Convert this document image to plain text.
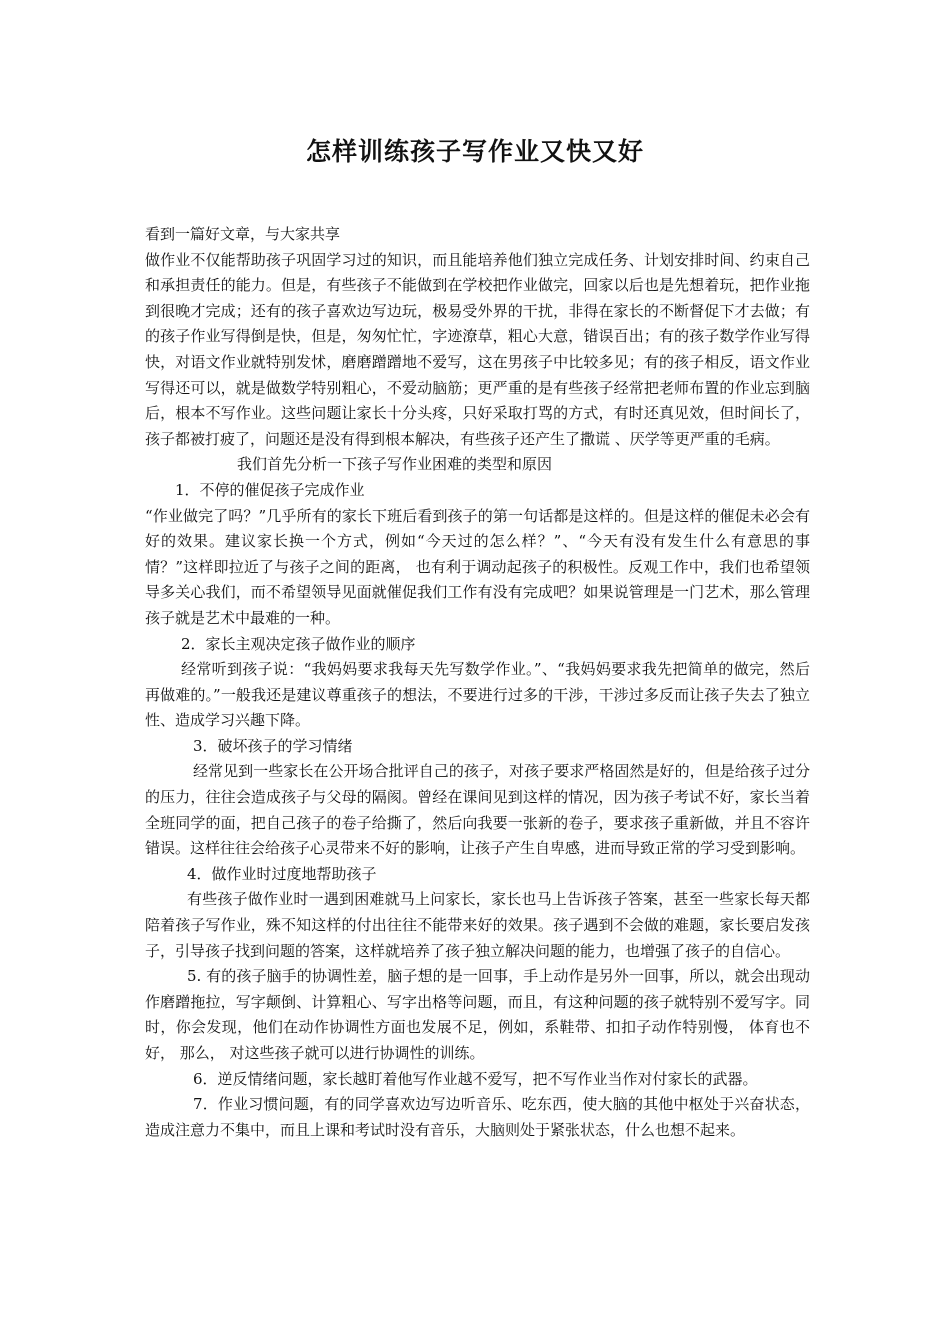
怎样训练孩子写作业又快又好

看到一篇好文章，与大家共享

做作业不仅能帮助孩子巩固学习过的知识，而且能培养他们独立完成任务、计划安排时间、约束自己和承担责任的能力。但是，有些孩子不能做到在学校把作业做完，回家以后也是先想着玩，把作业拖到很晚才完成；还有的孩子喜欢边写边玩，极易受外界的干扰，非得在家长的不断督促下才去做；有的孩子作业写得倒是快，但是，匆匆忙忙，字迹潦草，粗心大意，错误百出；有的孩子数学作业写得快，对语文作业就特别发怵，磨磨蹭蹭地不爱写，这在男孩子中比较多见；有的孩子相反，语文作业写得还可以，就是做数学特别粗心，不爱动脑筋；更严重的是有些孩子经常把老师布置的作业忘到脑后，根本不写作业。这些问题让家长十分头疼，只好采取打骂的方式，有时还真见效，但时间长了，孩子都被打疲了，问题还是没有得到根本解决，有些孩子还产生了撒谎 、厌学等更严重的毛病。

我们首先分析一下孩子写作业困难的类型和原因

1．不停的催促孩子完成作业

“作业做完了吗？”几乎所有的家长下班后看到孩子的第一句话都是这样的。但是这样的催促未必会有好的效果。建议家长换一个方式，例如“今天过的怎么样？”、“今天有没有发生什么有意思的事情？”这样即拉近了与孩子之间的距离， 也有利于调动起孩子的积极性。反观工作中，我们也希望领导多关心我们，而不希望领导见面就催促我们工作有没有完成吧？如果说管理是一门艺术，那么管理孩子就是艺术中最难的一种。

2．家长主观决定孩子做作业的顺序

经常听到孩子说：“我妈妈要求我每天先写数学作业。”、“我妈妈要求我先把简单的做完，然后再做难的。”一般我还是建议尊重孩子的想法，不要进行过多的干涉，干涉过多反而让孩子失去了独立性、造成学习兴趣下降。

3．破坏孩子的学习情绪

经常见到一些家长在公开场合批评自己的孩子，对孩子要求严格固然是好的，但是给孩子过分的压力，往往会造成孩子与父母的隔阂。曾经在课间见到这样的情况，因为孩子考试不好，家长当着全班同学的面，把自己孩子的卷子给撕了，然后向我要一张新的卷子，要求孩子重新做，并且不容许错误。这样往往会给孩子心灵带来不好的影响，让孩子产生自卑感，进而导致正常的学习受到影响。

4．做作业时过度地帮助孩子

有些孩子做作业时一遇到困难就马上问家长，家长也马上告诉孩子答案，甚至一些家长每天都陪着孩子写作业，殊不知这样的付出往往不能带来好的效果。孩子遇到不会做的难题，家长要启发孩子，引导孩子找到问题的答案，这样就培养了孩子独立解决问题的能力，也增强了孩子的自信心。

5. 有的孩子脑手的协调性差，脑子想的是一回事，手上动作是另外一回事，所以，就会出现动作磨蹭拖拉，写字颠倒、计算粗心、写字出格等问题，而且，有这种问题的孩子就特别不爱写字。同时，你会发现，他们在动作协调性方面也发展不足，例如，系鞋带、扣扣子动作特别慢， 体育也不好， 那么， 对这些孩子就可以进行协调性的训练。

6．逆反情绪问题，家长越盯着他写作业越不爱写，把不写作业当作对付家长的武器。

7．作业习惯问题，有的同学喜欢边写边听音乐、吃东西，使大脑的其他中枢处于兴奋状态，造成注意力不集中，而且上课和考试时没有音乐，大脑则处于紧张状态，什么也想不起来。
